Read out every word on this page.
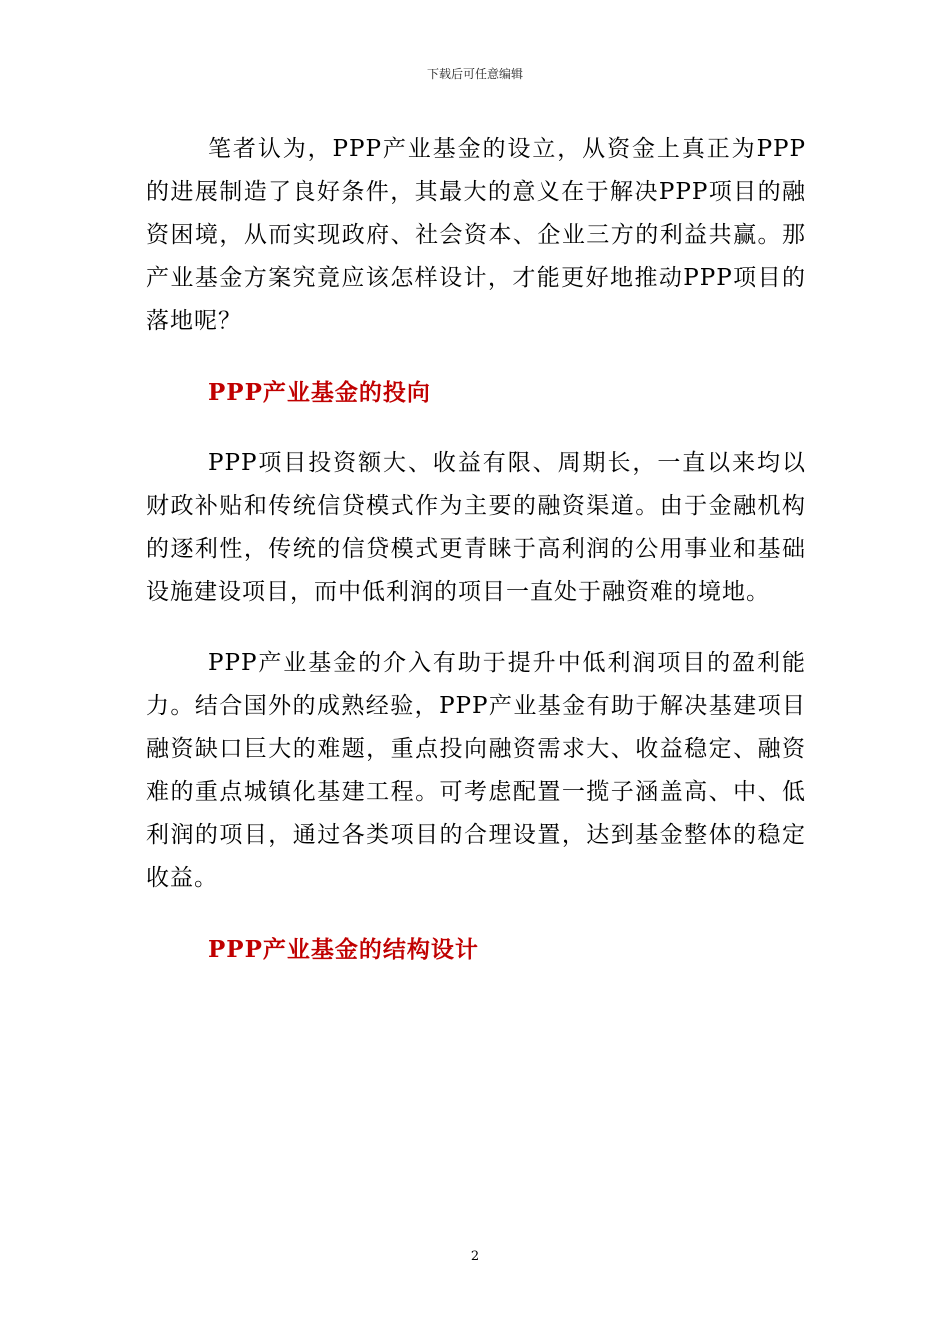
下载后可任意编辑

笔者认为，PPP产业基金的设立，从资金上真正为PPP的进展制造了良好条件，其最大的意义在于解决PPP项目的融资困境，从而实现政府、社会资本、企业三方的利益共赢。那产业基金方案究竟应该怎样设计，才能更好地推动PPP项目的落地呢？

PPP产业基金的投向

PPP项目投资额大、收益有限、周期长，一直以来均以财政补贴和传统信贷模式作为主要的融资渠道。由于金融机构的逐利性，传统的信贷模式更青睐于高利润的公用事业和基础设施建设项目，而中低利润的项目一直处于融资难的境地。

PPP产业基金的介入有助于提升中低利润项目的盈利能力。结合国外的成熟经验，PPP产业基金有助于解决基建项目融资缺口巨大的难题，重点投向融资需求大、收益稳定、融资难的重点城镇化基建工程。可考虑配置一揽子涵盖高、中、低利润的项目，通过各类项目的合理设置，达到基金整体的稳定收益。

PPP产业基金的结构设计

2
